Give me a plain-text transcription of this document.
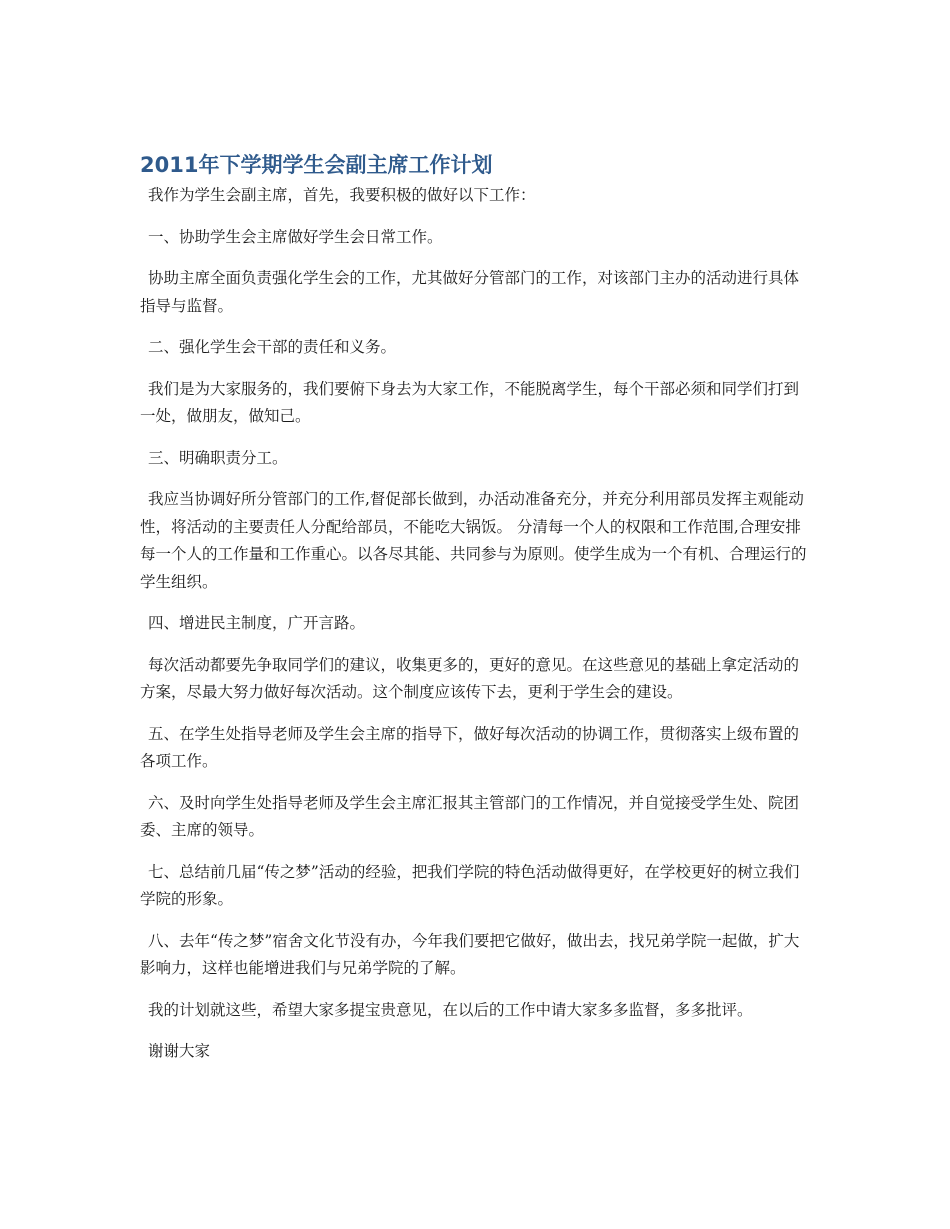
2011年下学期学生会副主席工作计划

我作为学生会副主席，首先，我要积极的做好以下工作：

一、协助学生会主席做好学生会日常工作。

协助主席全面负责强化学生会的工作，尤其做好分管部门的工作，对该部门主办的活动进行具体指导与监督。

二、强化学生会干部的责任和义务。

我们是为大家服务的，我们要俯下身去为大家工作，不能脱离学生，每个干部必须和同学们打到一处，做朋友，做知己。

三、明确职责分工。

我应当协调好所分管部门的工作,督促部长做到，办活动准备充分，并充分利用部员发挥主观能动性，将活动的主要责任人分配给部员，不能吃大锅饭。 分清每一个人的权限和工作范围,合理安排每一个人的工作量和工作重心。以各尽其能、共同参与为原则。使学生成为一个有机、合理运行的学生组织。

四、增进民主制度，广开言路。

每次活动都要先争取同学们的建议，收集更多的，更好的意见。在这些意见的基础上拿定活动的方案，尽最大努力做好每次活动。这个制度应该传下去，更利于学生会的建设。

五、在学生处指导老师及学生会主席的指导下，做好每次活动的协调工作，贯彻落实上级布置的各项工作。

六、及时向学生处指导老师及学生会主席汇报其主管部门的工作情况，并自觉接受学生处、院团委、主席的领导。

七、总结前几届“传之梦”活动的经验，把我们学院的特色活动做得更好，在学校更好的树立我们学院的形象。

八、去年“传之梦”宿舍文化节没有办，今年我们要把它做好，做出去，找兄弟学院一起做，扩大影响力，这样也能增进我们与兄弟学院的了解。

我的计划就这些，希望大家多提宝贵意见，在以后的工作中请大家多多监督，多多批评。

谢谢大家
